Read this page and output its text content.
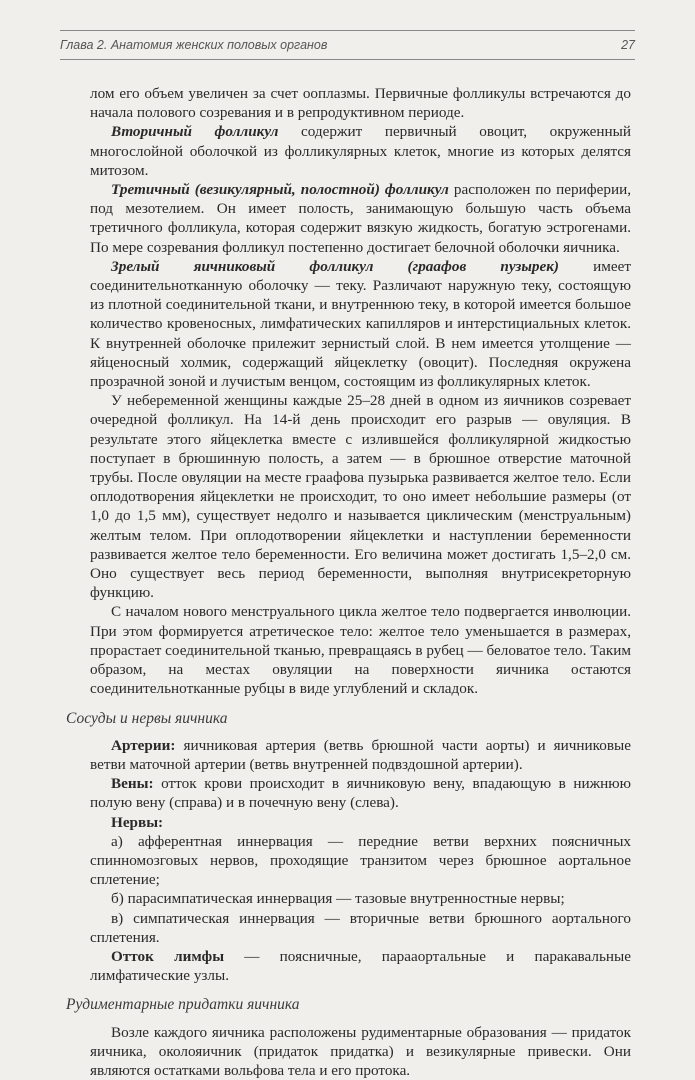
Глава 2. Анатомия женских половых органов	27

лом его объем увеличен за счет ооплазмы. Первичные фолликулы встречаются до начала полового созревания и в репродуктивном периоде.

Вторичный фолликул содержит первичный овоцит, окруженный многослойной оболочкой из фолликулярных клеток, многие из которых делятся митозом.

Третичный (везикулярный, полостной) фолликул расположен по периферии, под мезотелием. Он имеет полость, занимающую большую часть объема третичного фолликула, которая содержит вязкую жидкость, богатую эстрогенами. По мере созревания фолликул постепенно достигает белочной оболочки яичника.

Зрелый яичниковый фолликул (граафов пузырек) имеет соединительнотканную оболочку — теку. Различают наружную теку, состоящую из плотной соединительной ткани, и внутреннюю теку, в которой имеется большое количество кровеносных, лимфатических капилляров и интерстициальных клеток. К внутренней оболочке прилежит зернистый слой. В нем имеется утолщение — яйценосный холмик, содержащий яйцеклетку (овоцит). Последняя окружена прозрачной зоной и лучистым венцом, состоящим из фолликулярных клеток.

У небеременной женщины каждые 25–28 дней в одном из яичников созревает очередной фолликул. На 14-й день происходит его разрыв — овуляция. В результате этого яйцеклетка вместе с излившейся фолликулярной жидкостью поступает в брюшинную полость, а затем — в брюшное отверстие маточной трубы. После овуляции на месте граафова пузырька развивается желтое тело. Если оплодотворения яйцеклетки не происходит, то оно имеет небольшие размеры (от 1,0 до 1,5 мм), существует недолго и называется циклическим (менструальным) желтым телом. При оплодотворении яйцеклетки и наступлении беременности развивается желтое тело беременности. Его величина может достигать 1,5–2,0 см. Оно существует весь период беременности, выполняя внутрисекреторную функцию.

С началом нового менструального цикла желтое тело подвергается инволюции. При этом формируется атретическое тело: желтое тело уменьшается в размерах, прорастает соединительной тканью, превращаясь в рубец — беловатое тело. Таким образом, на местах овуляции на поверхности яичника остаются соединительнотканные рубцы в виде углублений и складок.

Сосуды и нервы яичника

Артерии: яичниковая артерия (ветвь брюшной части аорты) и яичниковые ветви маточной артерии (ветвь внутренней подвздошной артерии).

Вены: отток крови происходит в яичниковую вену, впадающую в нижнюю полую вену (справа) и в почечную вену (слева).

Нервы:

а) афферентная иннервация — передние ветви верхних поясничных спинномозговых нервов, проходящие транзитом через брюшное аортальное сплетение;

б) парасимпатическая иннервация — тазовые внутренностные нервы;

в) симпатическая иннервация — вторичные ветви брюшного аортального сплетения.

Отток лимфы — поясничные, парааортальные и паракавальные лимфатические узлы.

Рудиментарные придатки яичника

Возле каждого яичника расположены рудиментарные образования — придаток яичника, околояичник (придаток придатка) и везикулярные привески. Они являются остатками вольфова тела и его протока.
